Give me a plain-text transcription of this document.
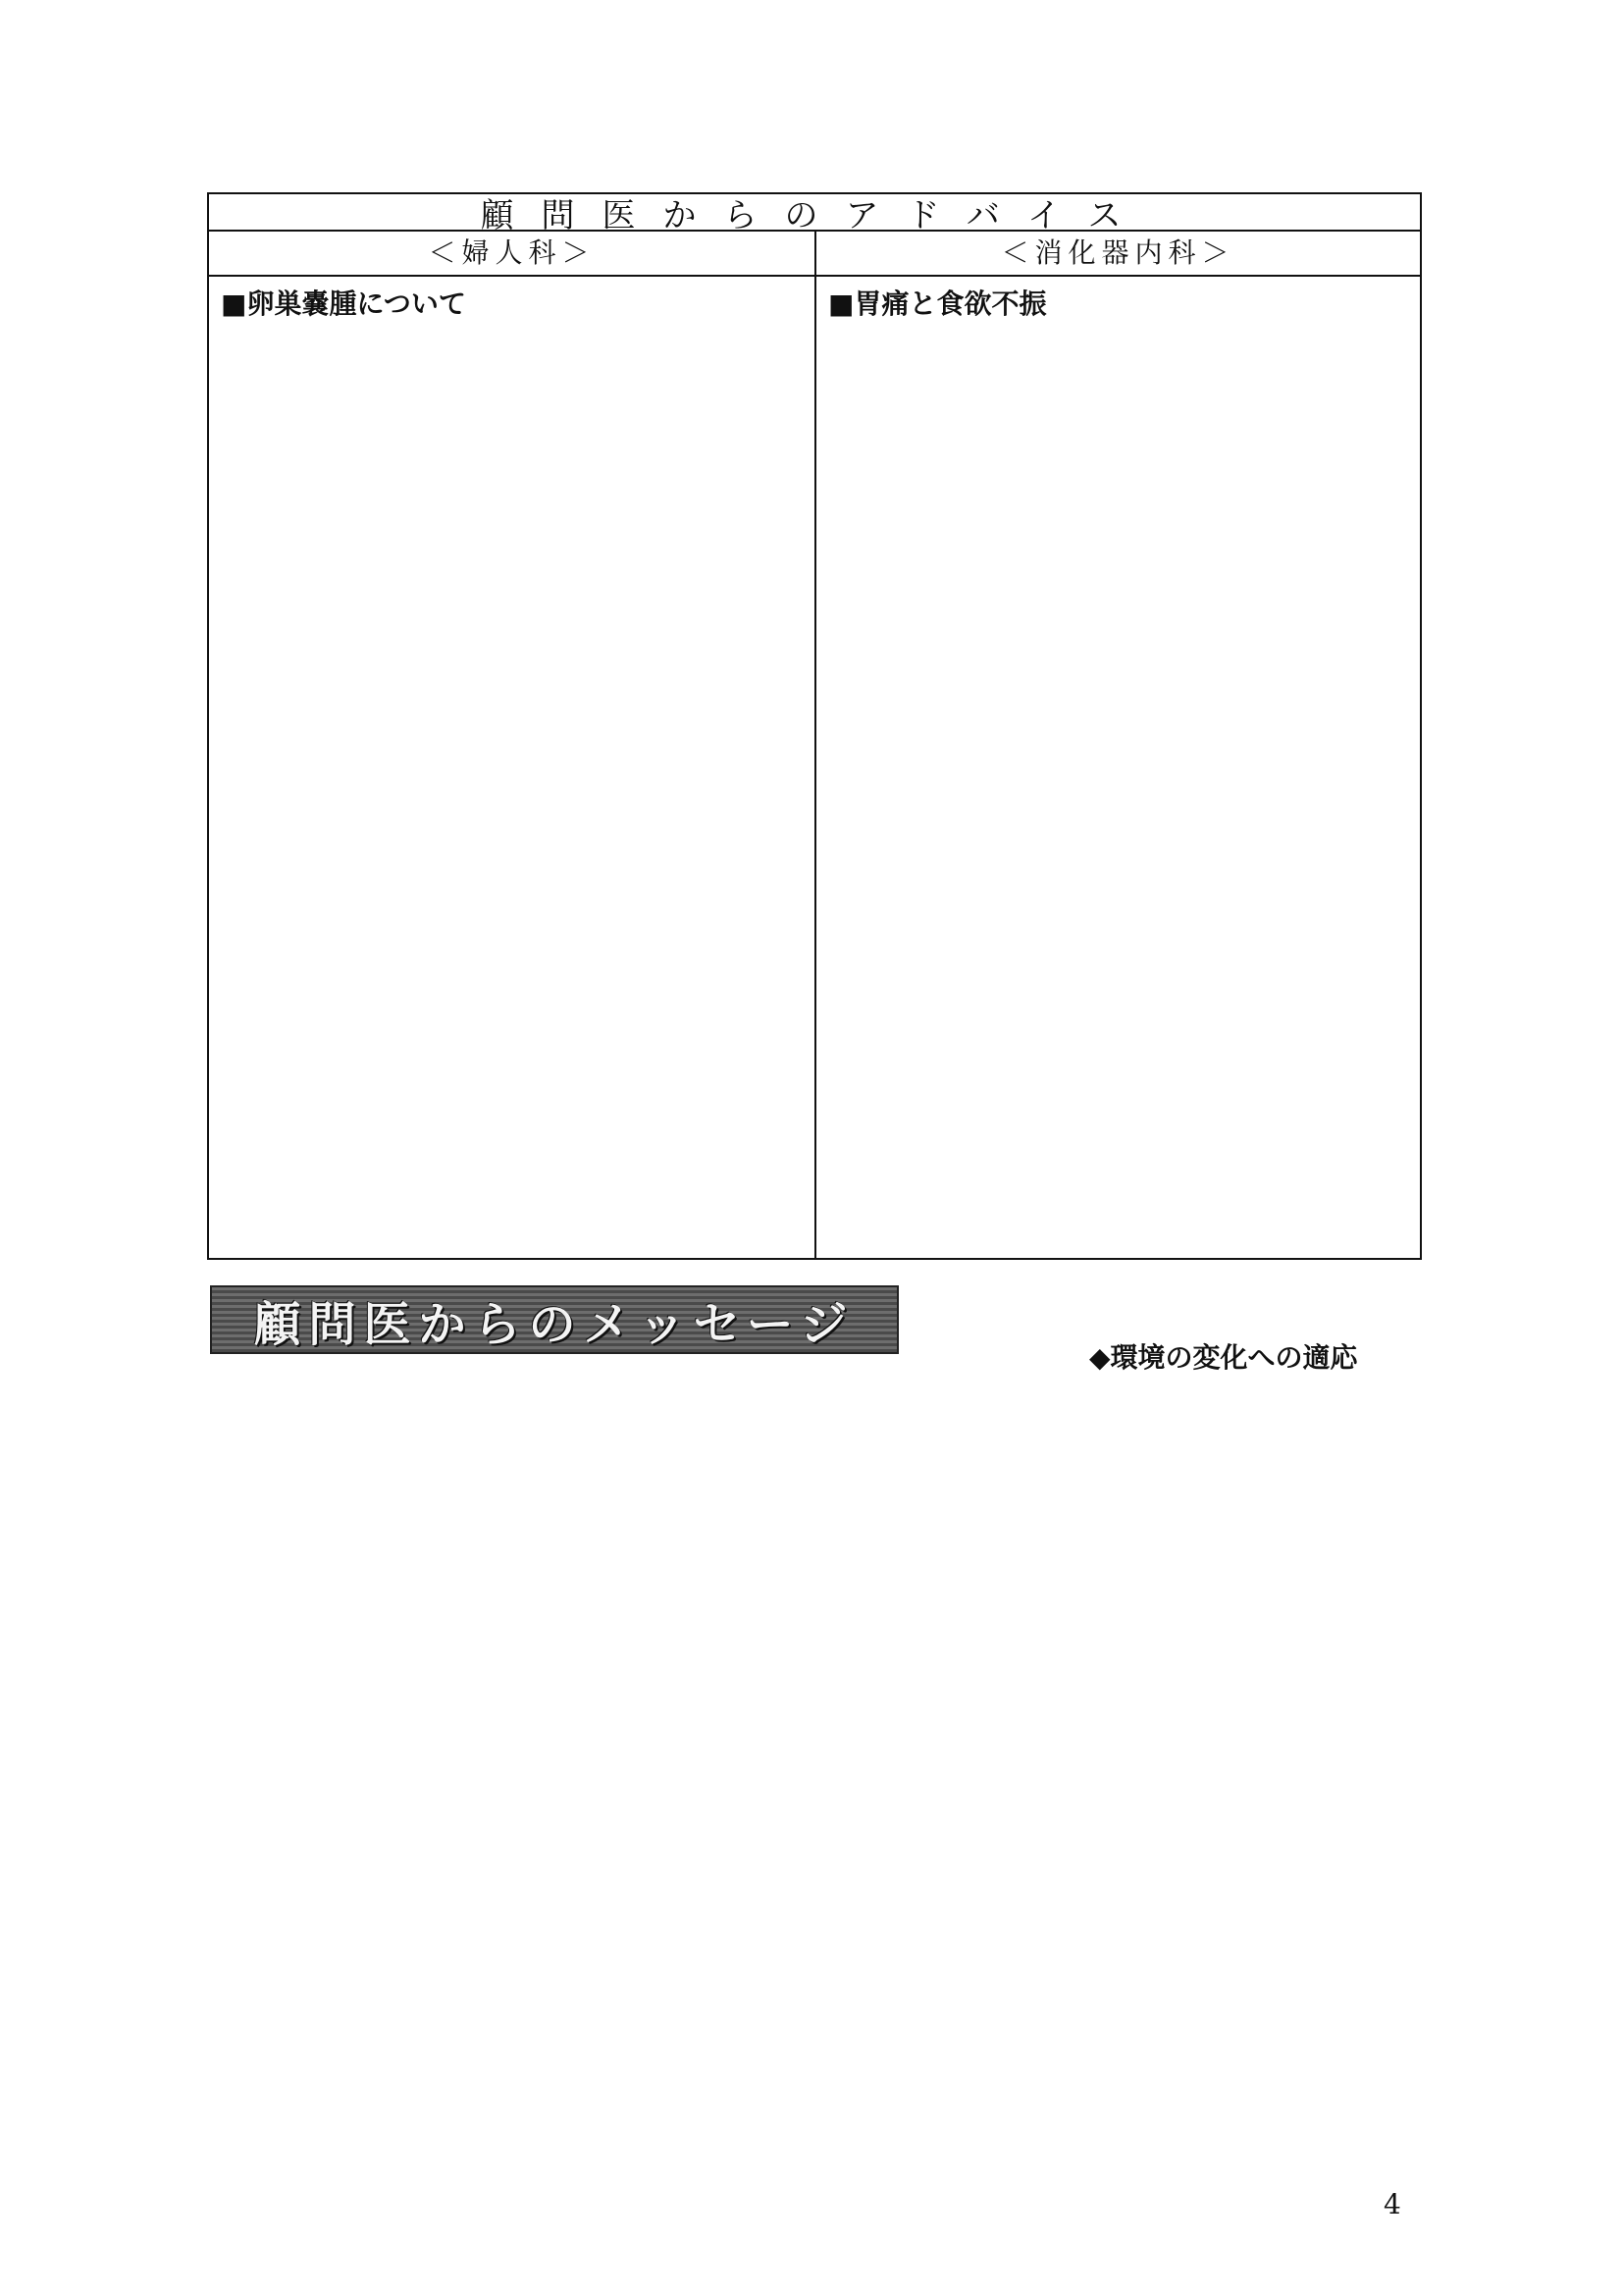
顧問医からのアドバイス
＜婦人科＞
■卵巣嚢腫について

＜消化器内科＞
■胃痛と食欲不振

顧問医からのメッセージ
◆環境の変化への適応

4
